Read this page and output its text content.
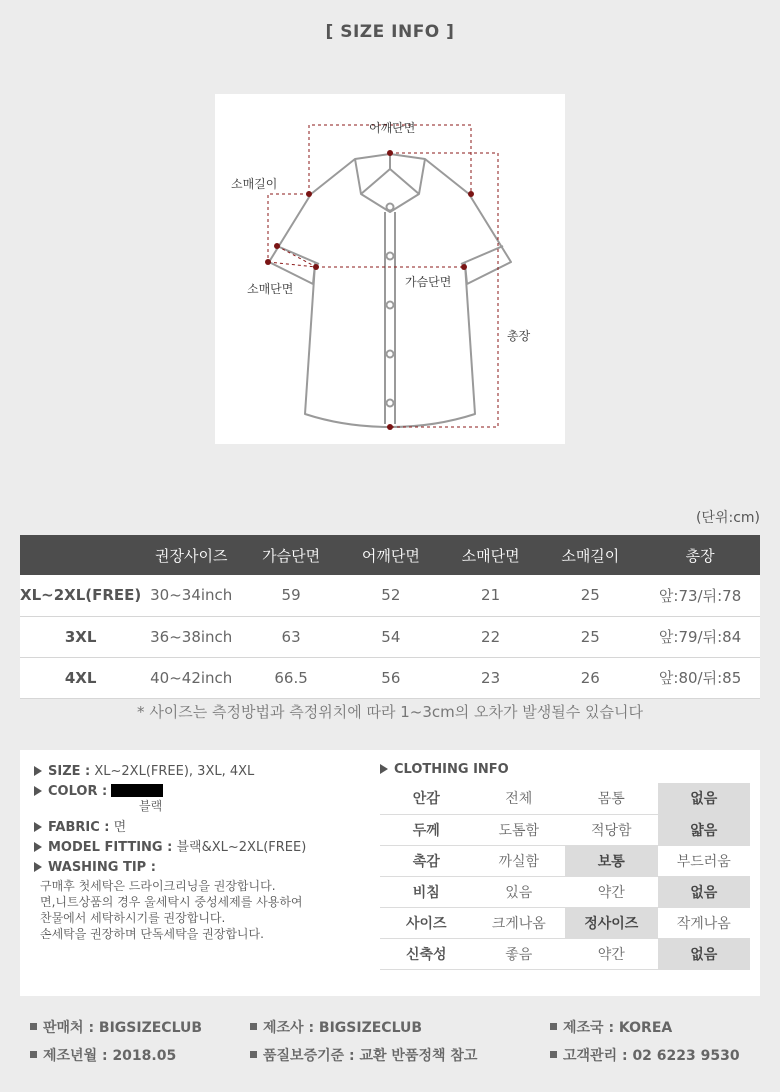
[ SIZE INFO ]
어깨단면
소매길이
소매단면	가슴단면
총장
(단위:cm)
	권장사이즈	가슴단면	어깨단면	소매단면	소매길이	총장
XL~2XL(FREE)	30~34inch	59	52	21	25	앞:73/뒤:78
3XL	36~38inch	63	54	22	25	앞:79/뒤:84
4XL	40~42inch	66.5	56	23	26	앞:80/뒤:85
* 사이즈는 측정방법과 측정위치에 따라 1~3cm의 오차가 발생될수 있습니다
SIZE : XL~2XL(FREE), 3XL, 4XL
COLOR :
블랙
FABRIC : 면
MODEL FITTING : 블랙&XL~2XL(FREE)
WASHING TIP :
구매후 첫세탁은 드라이크리닝을 권장합니다.
면,니트상품의 경우 울세탁시 중성세제를 사용하여
찬물에서 세탁하시기를 권장합니다.
손세탁을 권장하며 단독세탁을 권장합니다.
CLOTHING INFO
안감	전체	몸통	없음
두께	도톰함	적당함	얇음
촉감	까실함	보통	부드러움
비침	있음	약간	없음
사이즈	크게나옴	정사이즈	작게나옴
신축성	좋음	약간	없음
판매처 : BIGSIZECLUB	제조사 : BIGSIZECLUB	제조국 : KOREA
제조년월 : 2018.05	품질보증기준 : 교환 반품정책 참고	고객관리 : 02 6223 9530
